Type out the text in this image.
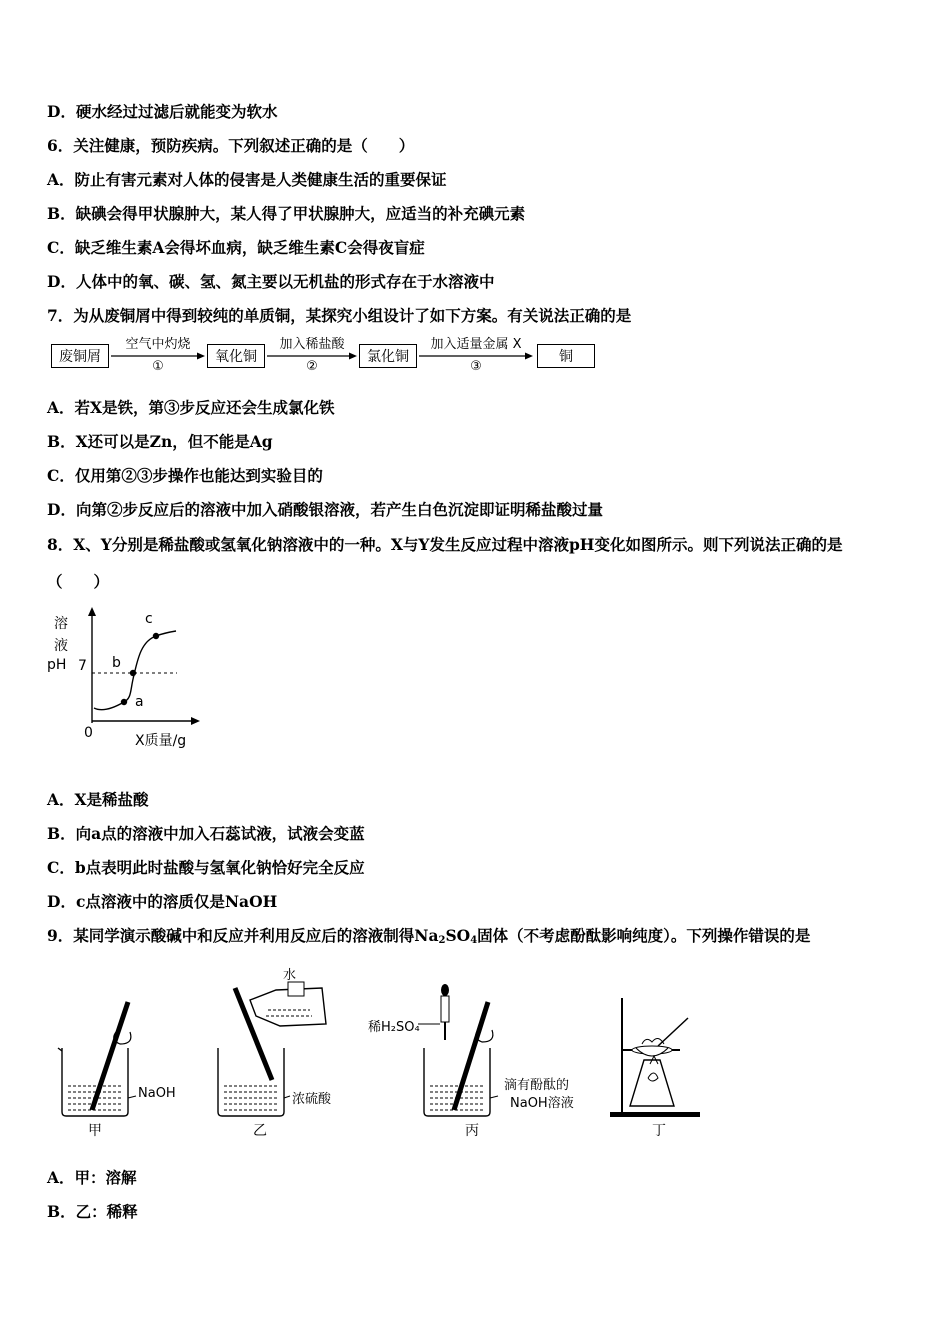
D．硬水经过过滤后就能变为软水
6．关注健康，预防疾病。下列叙述正确的是（　　）
A．防止有害元素对人体的侵害是人类健康生活的重要保证
B．缺碘会得甲状腺肿大，某人得了甲状腺肿大，应适当的补充碘元素
C．缺乏维生素A会得坏血病，缺乏维生素C会得夜盲症
D．人体中的氧、碳、氢、氮主要以无机盐的形式存在于水溶液中
7．为从废铜屑中得到较纯的单质铜，某探究小组设计了如下方案。有关说法正确的是
废铜屑
空气中灼烧
①
氧化铜
加入稀盐酸
②
氯化铜
加入适量金属 X
③
铜
A．若X是铁，第③步反应还会生成氯化铁
B．X还可以是Zn，但不能是Ag
C．仅用第②③步操作也能达到实验目的
D．向第②步反应后的溶液中加入硝酸银溶液，若产生白色沉淀即证明稀盐酸过量
8．X、Y分别是稀盐酸或氢氧化钠溶液中的一种。X与Y发生反应过程中溶液pH变化如图所示。则下列说法正确的是
（　　）
溶
液
pH 7
0	X质量/g
a
b
c
A．X是稀盐酸
B．向a点的溶液中加入石蕊试液，试液会变蓝
C．b点表明此时盐酸与氢氧化钠恰好完全反应
D．c点溶液中的溶质仅是NaOH
9．某同学演示酸碱中和反应并利用反应后的溶液制得$Na_2SO_4$固体（不考虑酚酞影响纯度）。下列操作错误的是
NaOH
甲
水
浓硫酸
乙
稀H₂SO₄
滴有酚酞的
NaOH溶液
丙	丁
A．甲：溶解
B．乙：稀释
